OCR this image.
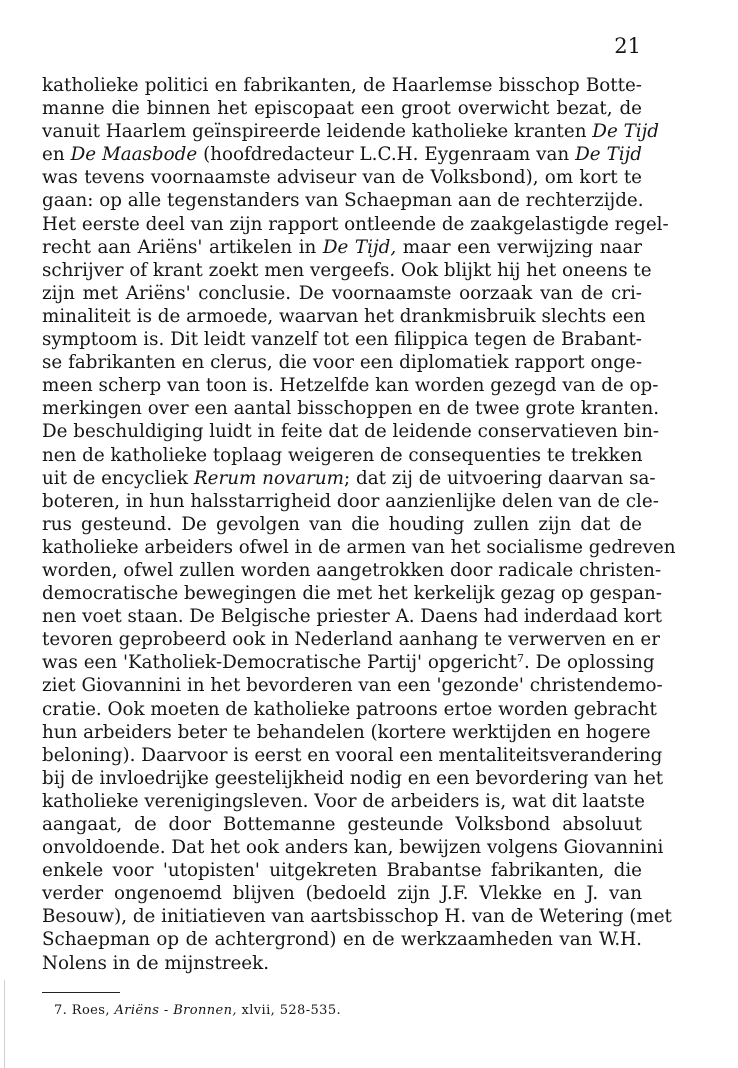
21
katholieke politici en fabrikanten, de Haarlemse bisschop Botte-
manne die binnen het episcopaat een groot overwicht bezat, de
vanuit Haarlem geïnspireerde leidende katholieke kranten De Tijd
en De Maasbode (hoofdredacteur L.C.H. Eygenraam van De Tijd
was tevens voornaamste adviseur van de Volksbond), om kort te
gaan: op alle tegenstanders van Schaepman aan de rechterzijde.
Het eerste deel van zijn rapport ontleende de zaakgelastigde regel-
recht aan Ariëns' artikelen in De Tijd, maar een verwijzing naar
schrijver of krant zoekt men vergeefs. Ook blijkt hij het oneens te
zijn met Ariëns' conclusie. De voornaamste oorzaak van de cri-
minaliteit is de armoede, waarvan het drankmisbruik slechts een
symptoom is. Dit leidt vanzelf tot een filippica tegen de Brabant-
se fabrikanten en clerus, die voor een diplomatiek rapport onge-
meen scherp van toon is. Hetzelfde kan worden gezegd van de op-
merkingen over een aantal bisschoppen en de twee grote kranten.
De beschuldiging luidt in feite dat de leidende conservatieven bin-
nen de katholieke toplaag weigeren de consequenties te trekken
uit de encycliek Rerum novarum; dat zij de uitvoering daarvan sa-
boteren, in hun halsstarrigheid door aanzienlijke delen van de cle-
rus gesteund. De gevolgen van die houding zullen zijn dat de
katholieke arbeiders ofwel in de armen van het socialisme gedreven
worden, ofwel zullen worden aangetrokken door radicale christen-
democratische bewegingen die met het kerkelijk gezag op gespan-
nen voet staan. De Belgische priester A. Daens had inderdaad kort
tevoren geprobeerd ook in Nederland aanhang te verwerven en er
was een 'Katholiek-Democratische Partij' opgericht$^7$. De oplossing
ziet Giovannini in het bevorderen van een 'gezonde' christendemo-
cratie. Ook moeten de katholieke patroons ertoe worden gebracht
hun arbeiders beter te behandelen (kortere werktijden en hogere
beloning). Daarvoor is eerst en vooral een mentaliteitsverandering
bij de invloedrijke geestelijkheid nodig en een bevordering van het
katholieke verenigingsleven. Voor de arbeiders is, wat dit laatste
aangaat, de door Bottemanne gesteunde Volksbond absoluut
onvoldoende. Dat het ook anders kan, bewijzen volgens Giovannini
enkele voor 'utopisten' uitgekreten Brabantse fabrikanten, die
verder ongenoemd blijven (bedoeld zijn J.F. Vlekke en J. van
Besouw), de initiatieven van aartsbisschop H. van de Wetering (met
Schaepman op de achtergrond) en de werkzaamheden van W.H.
Nolens in de mijnstreek.
7. Roes, Ariëns - Bronnen, xlvii, 528-535.
